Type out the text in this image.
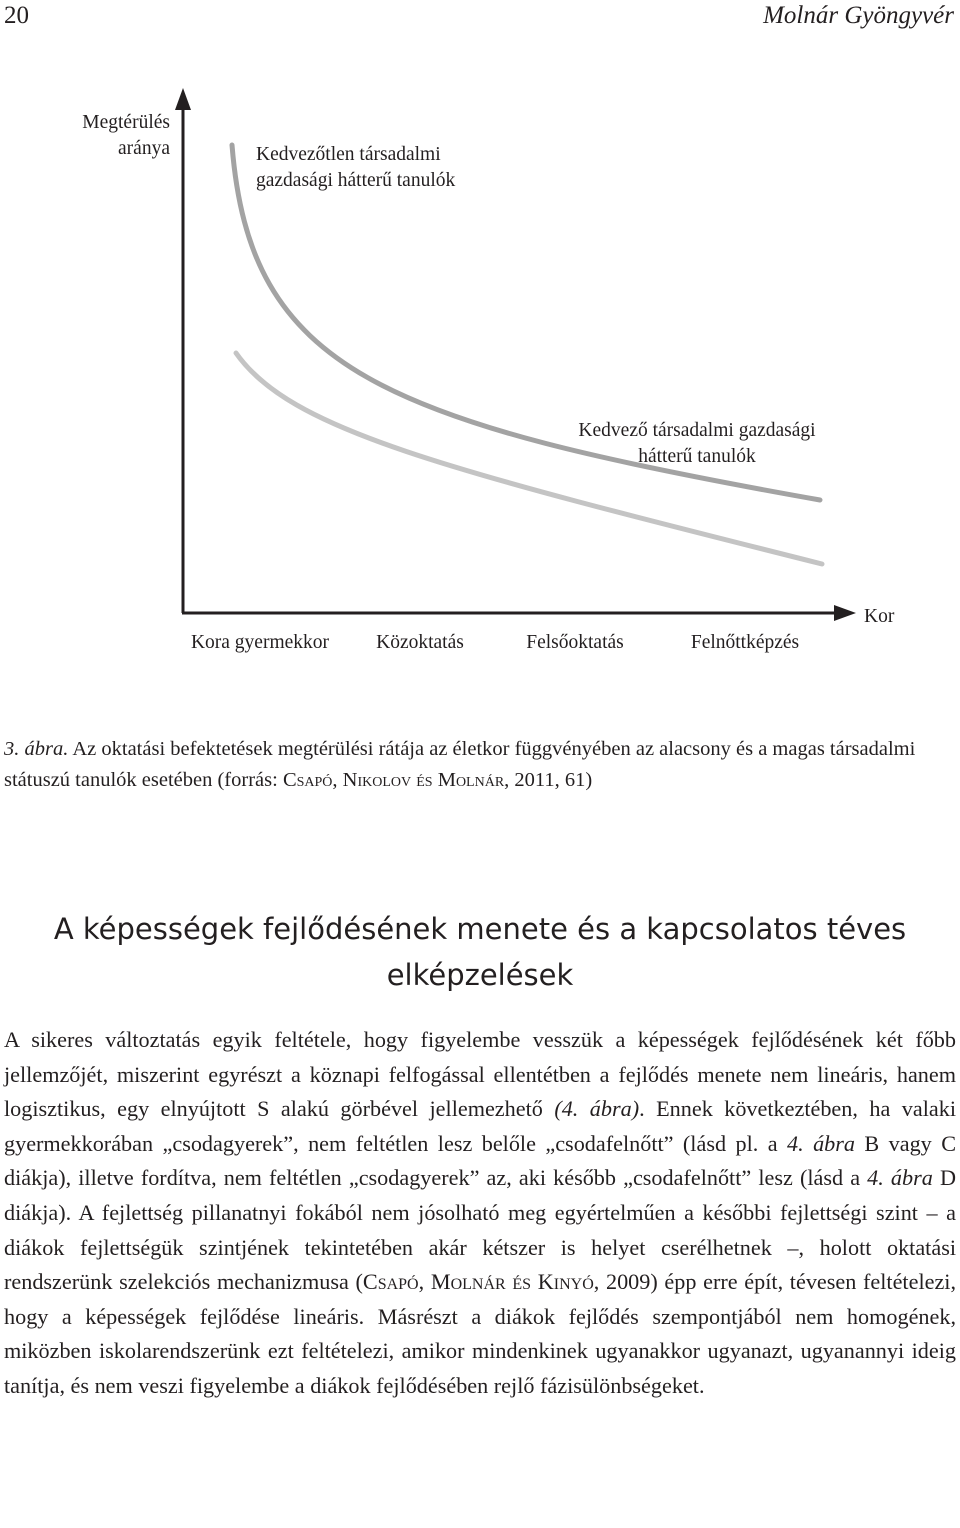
20	Molnár Gyöngyvér
Megtérülés aránya	Kedvezőtlen társadalmi gazdasági hátterű tanulók
Kedvező társadalmi gazdasági hátterű tanulók
Kor
Kora gyermekkor	Közoktatás	Felsőoktatás	Felnőttképzés
3. ábra. Az oktatási befektetések megtérülési rátája az életkor függvényében az alacsony és a magas társadalmi státuszú tanulók esetében (forrás: Csapó, Nikolov és Molnár, 2011, 61)
A képességek fejlődésének menete és a kapcsolatos téves
elképzelések

A sikeres változtatás egyik feltétele, hogy figyelembe vesszük a képességek fejlődésének két főbb jellemzőjét, miszerint egyrészt a köznapi felfogással ellentétben a fejlődés menete nem lineáris, hanem logisztikus, egy elnyújtott S alakú görbével jellemezhető (4. ábra). Ennek következtében, ha valaki gyermekkorában „csodagyerek”, nem feltétlen lesz belőle „csodafelnőtt” (lásd pl. a 4. ábra B vagy C diákja), illetve fordítva, nem feltétlen „csodagyerek” az, aki később „csodafelnőtt” lesz (lásd a 4. ábra D diákja). A fejlettség pillanatnyi fokából nem jósolható meg egyértelműen a későbbi fejlettségi szint – a diákok fejlettségük szintjének tekintetében akár kétszer is helyet cserélhetnek –, holott oktatási rendszerünk szelekciós mechanizmusa (Csapó, Molnár és Kinyó, 2009) épp erre épít, tévesen feltételezi, hogy a képességek fejlődése lineáris. Másrészt a diákok fejlődés szempontjából nem homogének, miközben iskolarendszerünk ezt feltételezi, amikor mindenkinek ugyanakkor ugyanazt, ugyanannyi ideig tanítja, és nem veszi figyelembe a diákok fejlődésében rejlő fázisülönbségeket.
